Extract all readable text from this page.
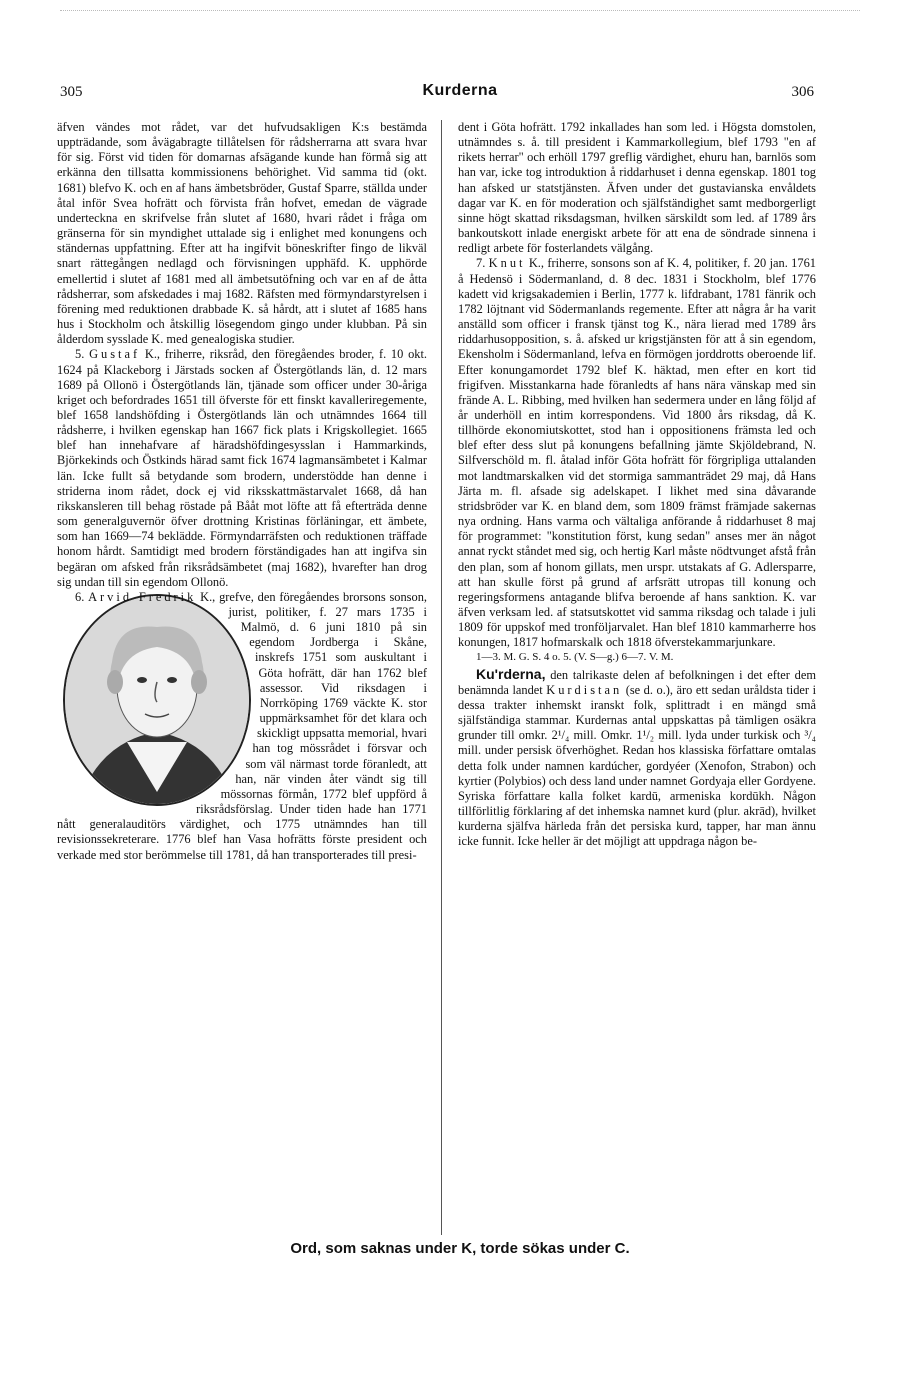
305	Kurderna	306

äfven vändes mot rådet, var det hufvudsakligen K:s bestämda uppträdande, som åvägabragte tillåtelsen för rådsherrarna att svara hvar för sig. Först vid tiden för domarnas afsägande kunde han förmå sig att erkänna den tillsatta kommissionens behörighet. Vid samma tid (okt. 1681) blefvo K. och en af hans ämbetsbröder, Gustaf Sparre, ställda under åtal inför Svea hofrätt och förvista från hofvet, emedan de vägrade underteckna en skrifvelse från slutet af 1680, hvari rådet i fråga om gränserna för sin myndighet uttalade sig i enlighet med konungens och ständernas uppfattning. Efter att ha ingifvit böneskrifter fingo de likväl snart rättegången nedlagd och förvisningen upphäfd. K. upphörde emellertid i slutet af 1681 med all ämbetsutöfning och var en af de åtta rådsherrar, som afskedades i maj 1682. Räfsten med förmyndarstyrelsen i förening med reduktionen drabbade K. så hårdt, att i slutet af 1685 hans hus i Stockholm och åtskillig lösegendom gingo under klubban. På sin ålderdom sysslade K. med genealogiska studier.

5. Gustaf K., friherre, riksråd, den föregåendes broder, f. 10 okt. 1624 på Klackeborg i Järstads socken af Östergötlands län, d. 12 mars 1689 på Ollonö i Östergötlands län, tjänade som officer under 30-åriga kriget och befordrades 1651 till öfverste för ett finskt kavalleriregemente, blef 1658 landshöfding i Östergötlands län och utnämndes 1664 till rådsherre, i hvilken egenskap han 1667 fick plats i Krigskollegiet. 1665 blef han innehafvare af häradshöfdingesysslan i Hammarkinds, Björkekinds och Östkinds härad samt fick 1674 lagmansämbetet i Kalmar län. Icke fullt så betydande som brodern, understödde han denne i striderna inom rådet, dock ej vid riksskattmästarvalet 1668, då han rikskansleren till behag röstade på Bååt mot löfte att få efterträda denne som generalguvernör öfver drottning Kristinas förläningar, ett ämbete, som han 1669—74 beklädde. Förmyndarräfsten och reduktionen träffade honom hårdt. Samtidigt med brodern förständigades han att ingifva sin begäran om afsked från riksrådsämbetet (maj 1682), hvarefter han drog sig undan till sin egendom Ollonö.

6. Arvid Fredrik K., grefve, den föregåendes brorsons sonson, jurist, politiker, f. 27 mars 1735 i Malmö, d. 6 juni 1810 på sin egendom Jordberga i Skåne, inskrefs 1751 som auskultant i Göta hofrätt, där han 1762 blef assessor. Vid riksdagen i Norrköping 1769 väckte K. stor uppmärksamhet för det klara och skickligt uppsatta memorial, hvari han tog mössrådet i försvar och som väl närmast torde föranledt, att han, när vinden åter vändt sig till mössornas förmån, 1772 blef uppförd å riksrådsförslag. Under tiden hade han 1771 nått generalauditörs värdighet, och 1775 utnämndes han till revisionssekreterare. 1776 blef han Vasa hofrätts förste president och verkade med stor berömmelse till 1781, då han transporterades till presi-

dent i Göta hofrätt. 1792 inkallades han som led. i Högsta domstolen, utnämndes s. å. till president i Kammarkollegium, blef 1793 "en af rikets herrar" och erhöll 1797 greflig värdighet, ehuru han, barnlös som han var, icke tog introduktion å riddarhuset i denna egenskap. 1801 tog han afsked ur statstjänsten. Äfven under det gustavianska envåldets dagar var K. en för moderation och själfständighet samt medborgerligt sinne högt skattad riksdagsman, hvilken särskildt som led. af 1789 års bankoutskott inlade energiskt arbete för att ena de söndrade sinnena i redligt arbete för fosterlandets välgång.

7. Knut K., friherre, sonsons son af K. 4, politiker, f. 20 jan. 1761 å Hedensö i Södermanland, d. 8 dec. 1831 i Stockholm, blef 1776 kadett vid krigsakademien i Berlin, 1777 k. lifdrabant, 1781 fänrik och 1782 löjtnant vid Södermanlands regemente. Efter att några år ha varit anställd som officer i fransk tjänst tog K., nära lierad med 1789 års riddarhusopposition, s. å. afsked ur krigstjänsten för att å sin egendom, Ekensholm i Södermanland, lefva en förmögen jorddrotts oberoende lif. Efter konungamordet 1792 blef K. häktad, men efter en kort tid frigifven. Misstankarna hade föranledts af hans nära vänskap med sin frände A. L. Ribbing, med hvilken han sedermera under en lång följd af år underhöll en intim korrespondens. Vid 1800 års riksdag, då K. tillhörde ekonomiutskottet, stod han i oppositionens främsta led och blef efter dess slut på konungens befallning jämte Skjöldebrand, N. Silfverschöld m. fl. åtalad inför Göta hofrätt för förgripliga uttalanden mot landtmarskalken vid det stormiga sammanträdet 29 maj, då Hans Järta m. fl. afsade sig adelskapet. I likhet med sina dåvarande stridsbröder var K. en bland dem, som 1809 främst främjade sakernas nya ordning. Hans varma och vältaliga anförande å riddarhuset 8 maj för programmet: "konstitution först, kung sedan" anses mer än något annat ryckt ståndet med sig, och hertig Karl måste nödtvunget afstå från den plan, som af honom gillats, men urspr. utstakats af G. Adlersparre, att han skulle först på grund af arfsrätt utropas till konung och regeringsformens antagande blifva beroende af hans sanktion. K. var äfven verksam led. af statsutskottet vid samma riksdag och talade i juli 1809 för uppskof med tronföljarvalet. Han blef 1810 kammarherre hos konungen, 1817 hofmarskalk och 1818 öfverstekammarjunkare.

1—3. M. G. S. 4 o. 5. (V. S—g.) 6—7. V. M.

Ku'rderna, den talrikaste delen af befolkningen i det efter dem benämnda landet Kurdistan (se d. o.), äro ett sedan uråldsta tider i dessa trakter inhemskt iranskt folk, splittradt i en mängd små själfständiga stammar. Kurdernas antal uppskattas på tämligen osäkra grunder till omkr. 2¹/₄ mill. Omkr. 1¹/₂ mill. lyda under turkisk och ³/₄ mill. under persisk öfverhöghet. Redan hos klassiska författare omtalas detta folk under namnen kardúcher, gordyéer (Xenofon, Strabon) och kyrtier (Polybios) och dess land under namnet Gordyaja eller Gordyene. Syriska författare kalla folket kardū, armeniska kordūkh. Någon tillförlitlig förklaring af det inhemska namnet kurd (plur. akrād), hvilket kurderna själfva härleda från det persiska kurd, tapper, har man ännu icke funnit. Icke heller är det möjligt att uppdraga någon be-

Ord, som saknas under K, torde sökas under C.
